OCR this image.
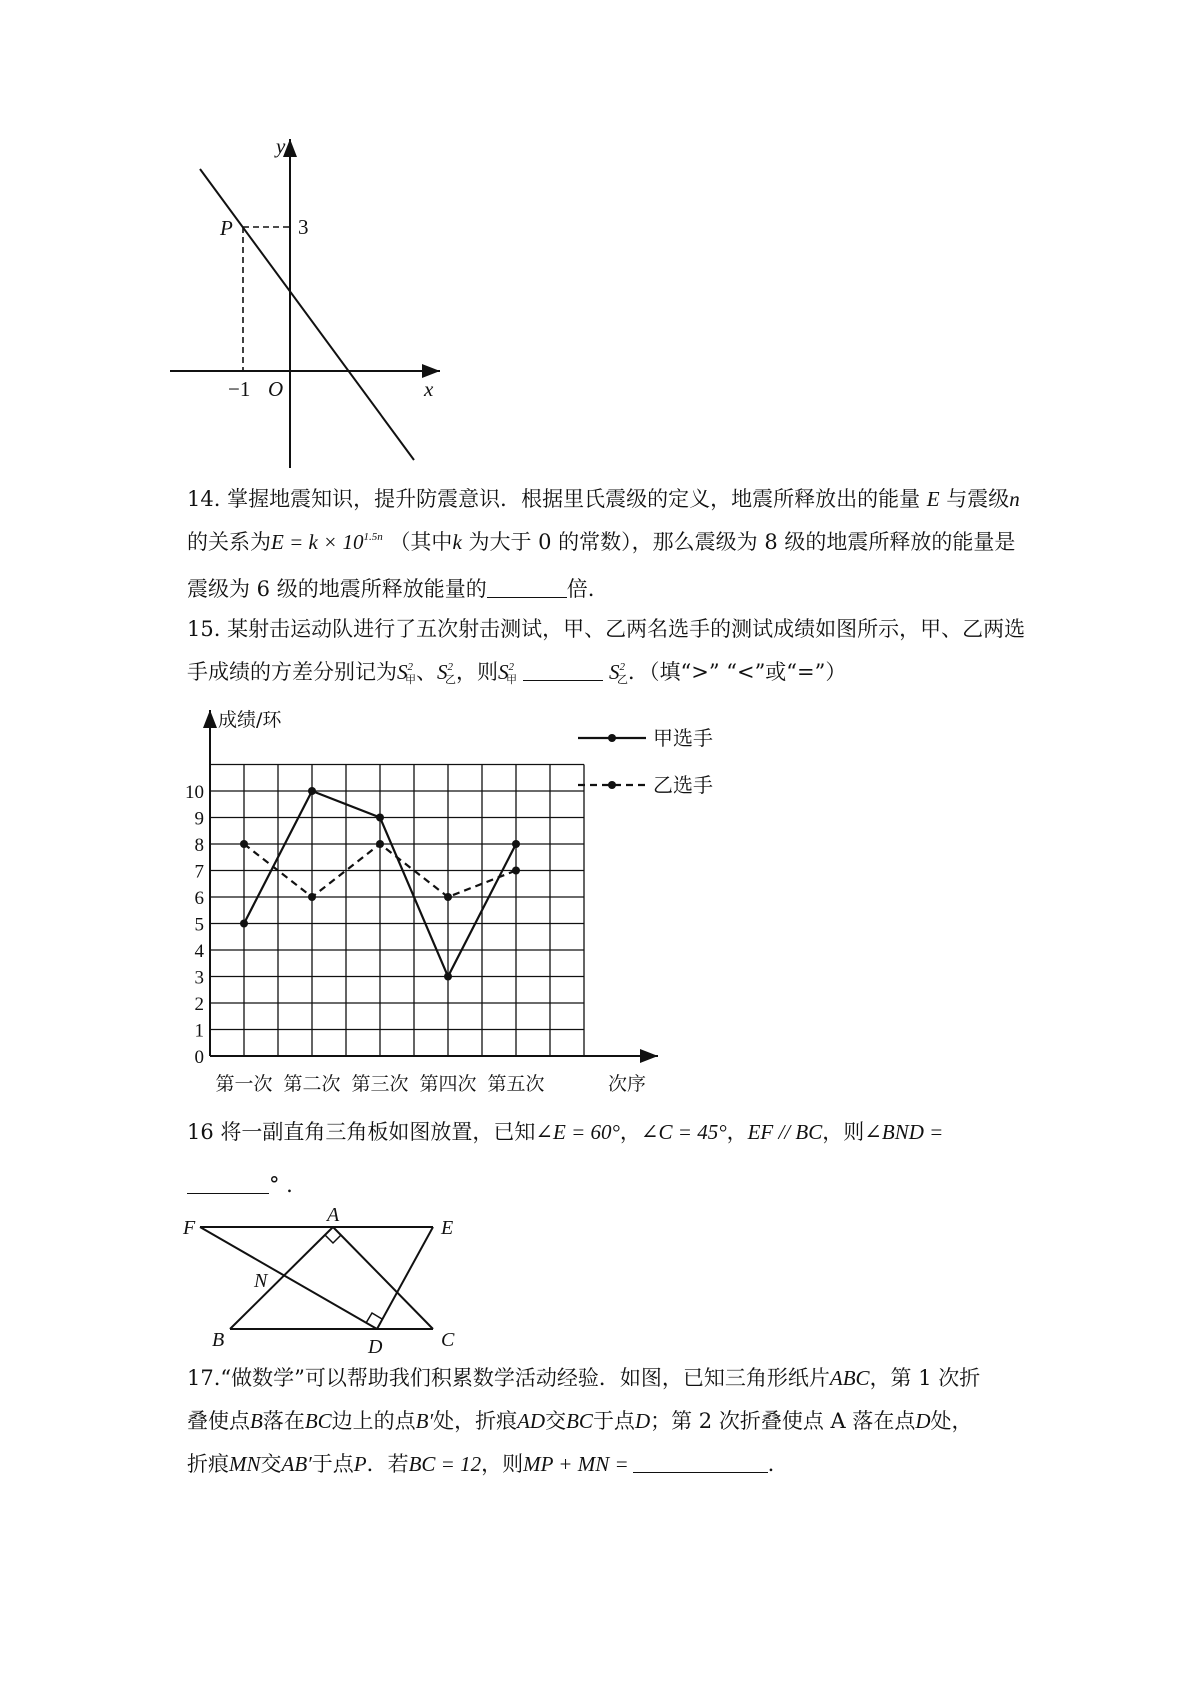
y
P	3
−1 O	x
14. 掌握地震知识，提升防震意识．根据里氏震级的定义，地震所释放出的能量 E 与震级n
的关系为$E = k \times 10^{1.5n}$ （其中k 为大于 0 的常数），那么震级为 8 级的地震所释放的能量是
震级为 6 级的地震所释放能量的	倍.
15. 某射击运动队进行了五次射击测试，甲、乙两名选手的测试成绩如图所示，甲、乙两选
手成绩的方差分别记为$S^2$甲、$S^2$乙，则$S^2$甲	$S^2$乙．（填“>” “<”或“=”）
成绩/环
次序
0
1
2
3
4
5
6
7
8
9
10
第一次 第二次 第三次 第四次 第五次
甲选手
乙选手
16 将一副直角三角板如图放置，已知∠E = 60°，∠C = 45°，EF // BC，则∠BND =
° .
F
A
E
N
B	D	C
17.“做数学”可以帮助我们积累数学活动经验．如图，已知三角形纸片ABC，第 1 次折
叠使点B落在BC边上的点B′处，折痕AD交BC于点D；第 2 次折叠使点 A 落在点D处，
折痕MN交AB′于点P．若BC = 12，则MP + MN =	.
